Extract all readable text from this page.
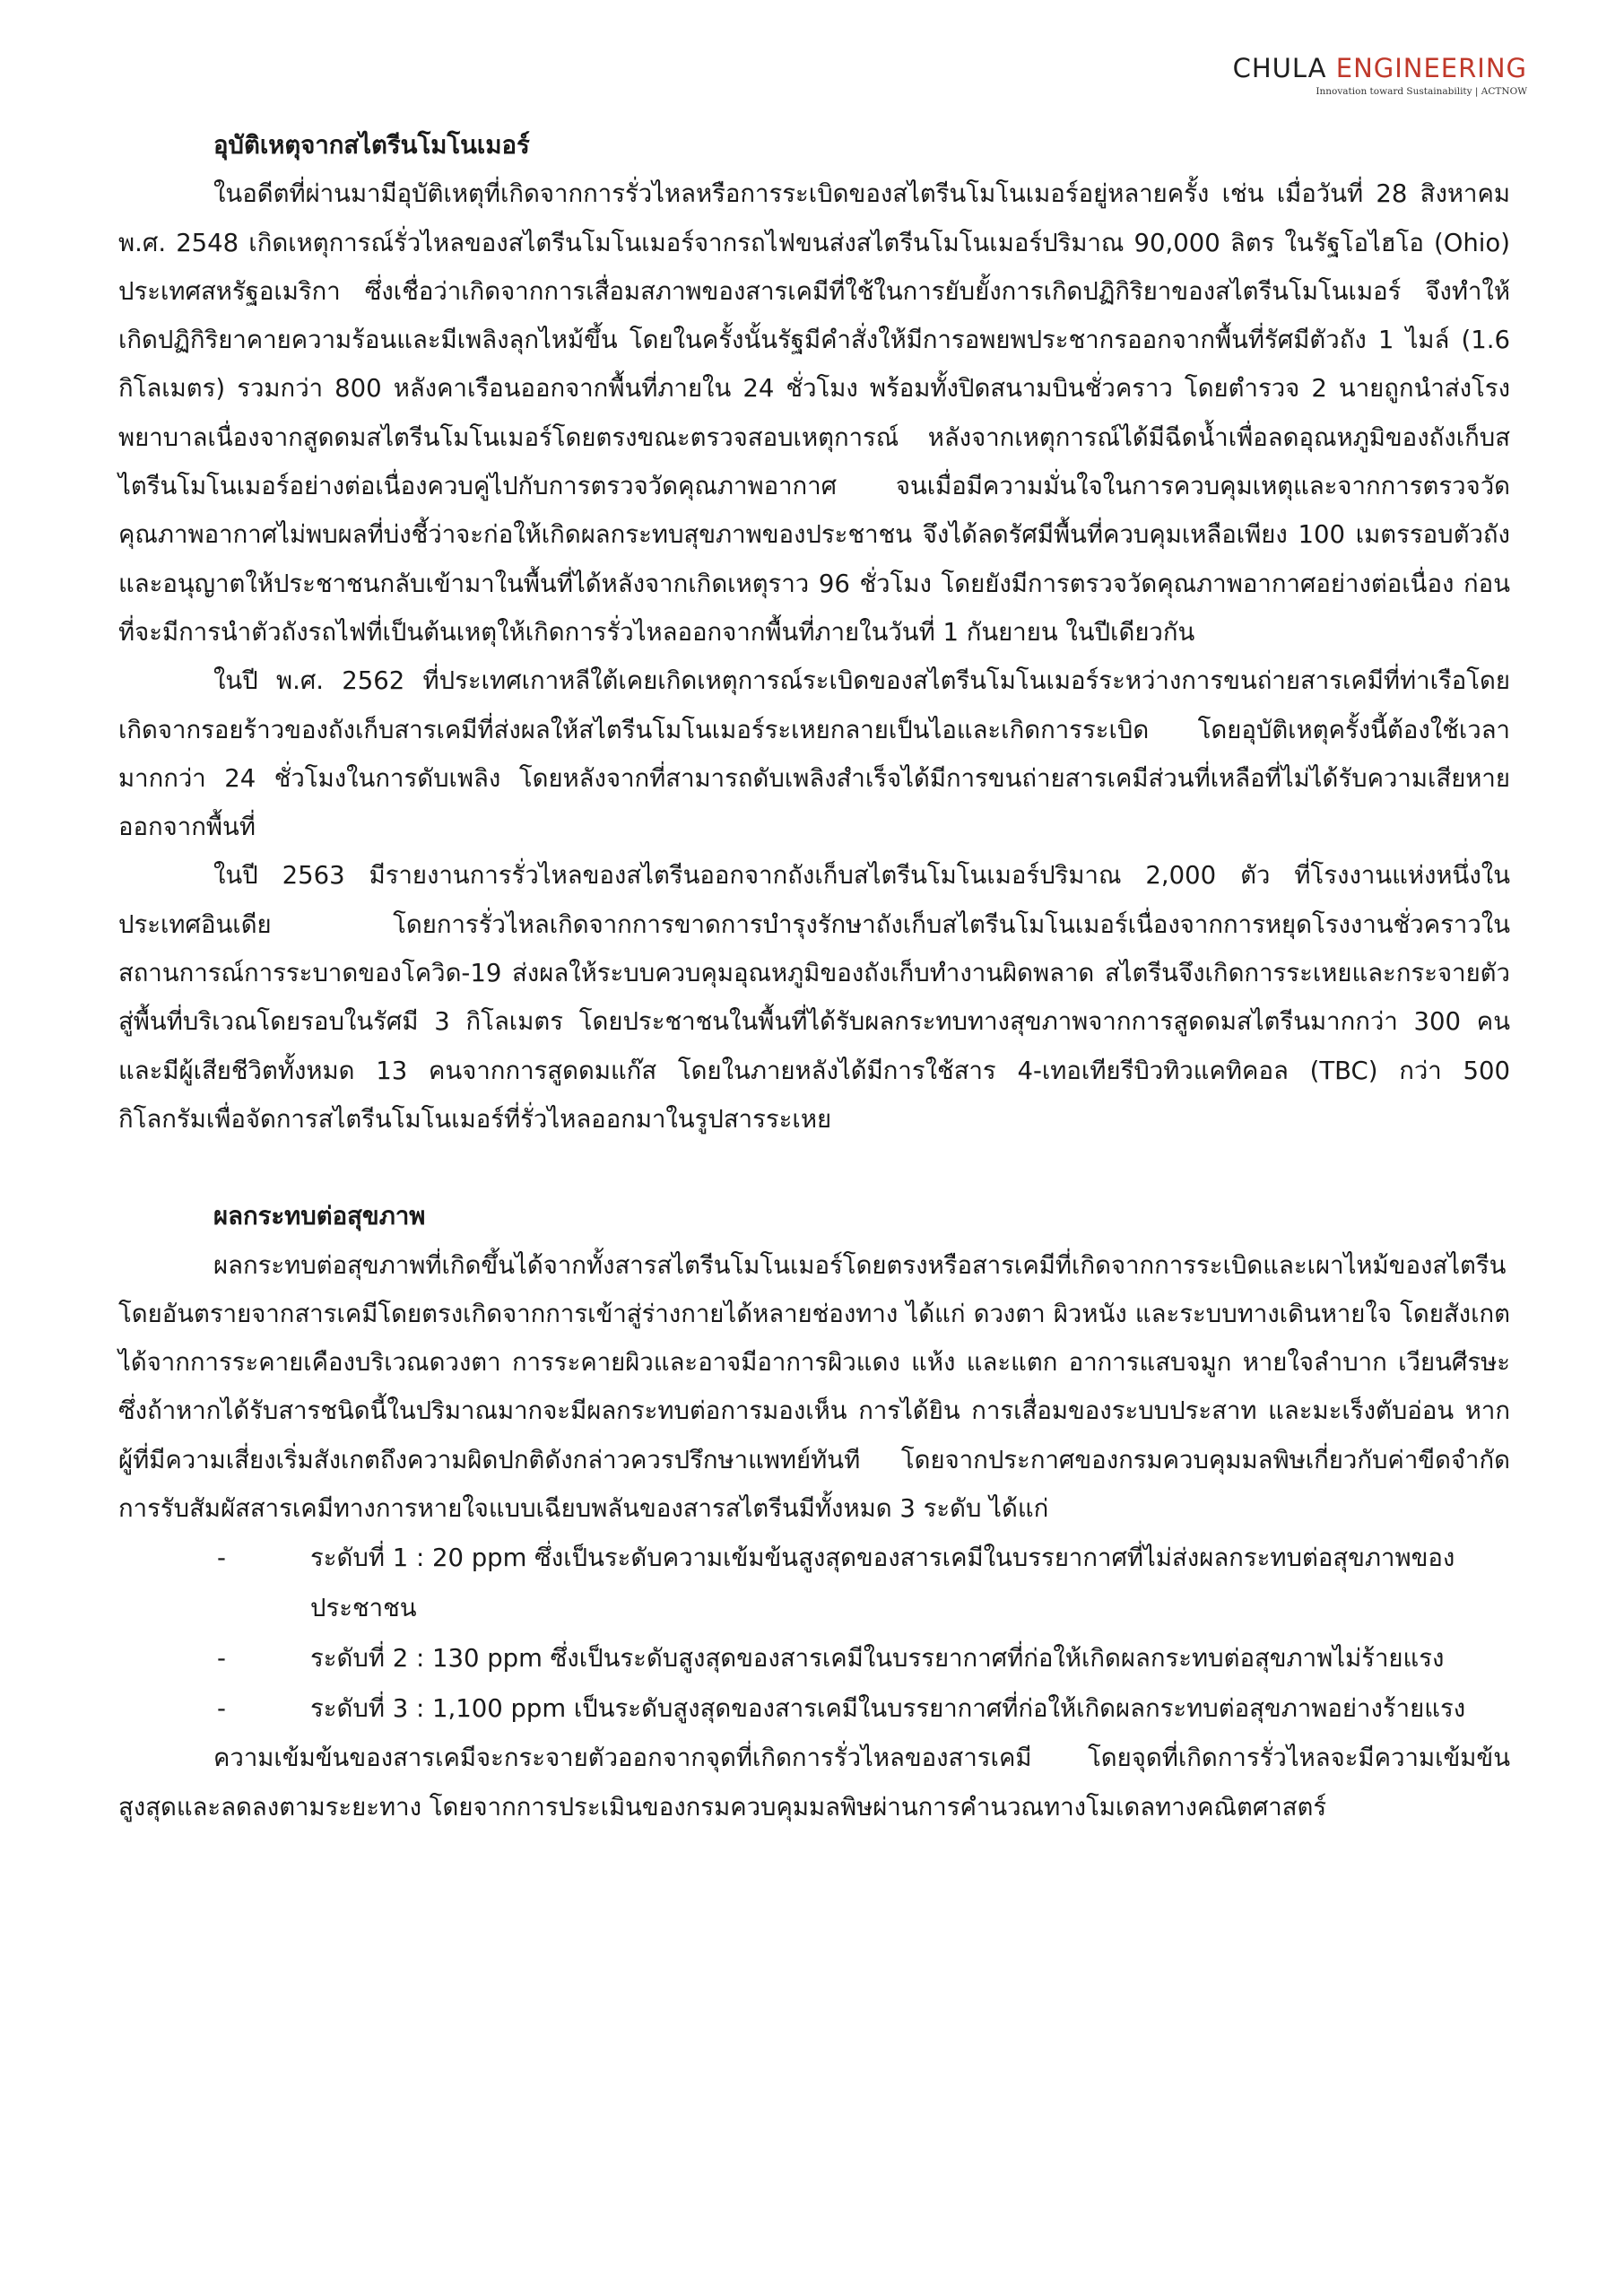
CHULA ENGINEERING
Innovation toward Sustainability | ACTNOW
อุบัติเหตุจากสไตรีนโมโนเมอร์

ในอดีตที่ผ่านมามีอุบัติเหตุที่เกิดจากการรั่วไหลหรือการระเบิดของสไตรีนโมโนเมอร์อยู่หลายครั้ง เช่น เมื่อวันที่ 28 สิงหาคม พ.ศ. 2548 เกิดเหตุการณ์รั่วไหลของสไตรีนโมโนเมอร์จากรถไฟขนส่งสไตรีนโมโนเมอร์ปริมาณ 90,000 ลิตร ในรัฐโอไฮโอ (Ohio) ประเทศสหรัฐอเมริกา ซึ่งเชื่อว่าเกิดจากการเสื่อมสภาพของสารเคมีที่ใช้ในการยับยั้งการเกิดปฏิกิริยาของสไตรีนโมโนเมอร์ จึงทำให้เกิดปฏิกิริยาคายความร้อนและมีเพลิงลุกไหม้ขึ้น โดยในครั้งนั้นรัฐมีคำสั่งให้มีการอพยพประชากรออกจากพื้นที่รัศมีตัวถัง 1 ไมล์ (1.6 กิโลเมตร) รวมกว่า 800 หลังคาเรือนออกจากพื้นที่ภายใน 24 ชั่วโมง พร้อมทั้งปิดสนามบินชั่วคราว โดยตำรวจ 2 นายถูกนำส่งโรงพยาบาลเนื่องจากสูดดมสไตรีนโมโนเมอร์โดยตรงขณะตรวจสอบเหตุการณ์ หลังจากเหตุการณ์ได้มีฉีดน้ำเพื่อลดอุณหภูมิของถังเก็บสไตรีนโมโนเมอร์อย่างต่อเนื่องควบคู่ไปกับการตรวจวัดคุณภาพอากาศ จนเมื่อมีความมั่นใจในการควบคุมเหตุและจากการตรวจวัดคุณภาพอากาศไม่พบผลที่บ่งชี้ว่าจะก่อให้เกิดผลกระทบสุขภาพของประชาชน จึงได้ลดรัศมีพื้นที่ควบคุมเหลือเพียง 100 เมตรรอบตัวถัง และอนุญาตให้ประชาชนกลับเข้ามาในพื้นที่ได้หลังจากเกิดเหตุราว 96 ชั่วโมง โดยยังมีการตรวจวัดคุณภาพอากาศอย่างต่อเนื่อง ก่อนที่จะมีการนำตัวถังรถไฟที่เป็นต้นเหตุให้เกิดการรั่วไหลออกจากพื้นที่ภายในวันที่ 1 กันยายน ในปีเดียวกัน

ในปี พ.ศ. 2562 ที่ประเทศเกาหลีใต้เคยเกิดเหตุการณ์ระเบิดของสไตรีนโมโนเมอร์ระหว่างการขนถ่ายสารเคมีที่ท่าเรือโดยเกิดจากรอยร้าวของถังเก็บสารเคมีที่ส่งผลให้สไตรีนโมโนเมอร์ระเหยกลายเป็นไอและเกิดการระเบิด โดยอุบัติเหตุครั้งนี้ต้องใช้เวลามากกว่า 24 ชั่วโมงในการดับเพลิง โดยหลังจากที่สามารถดับเพลิงสำเร็จได้มีการขนถ่ายสารเคมีส่วนที่เหลือที่ไม่ได้รับความเสียหายออกจากพื้นที่

ในปี 2563 มีรายงานการรั่วไหลของสไตรีนออกจากถังเก็บสไตรีนโมโนเมอร์ปริมาณ 2,000 ตัว ที่โรงงานแห่งหนึ่งในประเทศอินเดีย โดยการรั่วไหลเกิดจากการขาดการบำรุงรักษาถังเก็บสไตรีนโมโนเมอร์เนื่องจากการหยุดโรงงานชั่วคราวในสถานการณ์การระบาดของโควิด-19 ส่งผลให้ระบบควบคุมอุณหภูมิของถังเก็บทำงานผิดพลาด สไตรีนจึงเกิดการระเหยและกระจายตัวสู่พื้นที่บริเวณโดยรอบในรัศมี 3 กิโลเมตร โดยประชาชนในพื้นที่ได้รับผลกระทบทางสุขภาพจากการสูดดมสไตรีนมากกว่า 300 คน และมีผู้เสียชีวิตทั้งหมด 13 คนจากการสูดดมแก๊ส โดยในภายหลังได้มีการใช้สาร 4-เทอเทียรีบิวทิวแคทิคอล (TBC) กว่า 500 กิโลกรัมเพื่อจัดการสไตรีนโมโนเมอร์ที่รั่วไหลออกมาในรูปสารระเหย

ผลกระทบต่อสุขภาพ

ผลกระทบต่อสุขภาพที่เกิดขึ้นได้จากทั้งสารสไตรีนโมโนเมอร์โดยตรงหรือสารเคมีที่เกิดจากการระเบิดและเผาไหม้ของสไตรีน โดยอันตรายจากสารเคมีโดยตรงเกิดจากการเข้าสู่ร่างกายได้หลายช่องทาง ได้แก่ ดวงตา ผิวหนัง และระบบทางเดินหายใจ โดยสังเกตได้จากการระคายเคืองบริเวณดวงตา การระคายผิวและอาจมีอาการผิวแดง แห้ง และแตก อาการแสบจมูก หายใจลำบาก เวียนศีรษะ ซึ่งถ้าหากได้รับสารชนิดนี้ในปริมาณมากจะมีผลกระทบต่อการมองเห็น การได้ยิน การเสื่อมของระบบประสาท และมะเร็งตับอ่อน หากผู้ที่มีความเสี่ยงเริ่มสังเกตถึงความผิดปกติดังกล่าวควรปรึกษาแพทย์ทันที โดยจากประกาศของกรมควบคุมมลพิษเกี่ยวกับค่าขีดจำกัดการรับสัมผัสสารเคมีทางการหายใจแบบเฉียบพลันของสารสไตรีนมีทั้งหมด 3 ระดับ ได้แก่

-	ระดับที่ 1 : 20 ppm ซึ่งเป็นระดับความเข้มข้นสูงสุดของสารเคมีในบรรยากาศที่ไม่ส่งผลกระทบต่อสุขภาพของประชาชน
-	ระดับที่ 2 : 130 ppm ซึ่งเป็นระดับสูงสุดของสารเคมีในบรรยากาศที่ก่อให้เกิดผลกระทบต่อสุขภาพไม่ร้ายแรง
-	ระดับที่ 3 : 1,100 ppm เป็นระดับสูงสุดของสารเคมีในบรรยากาศที่ก่อให้เกิดผลกระทบต่อสุขภาพอย่างร้ายแรง

ความเข้มข้นของสารเคมีจะกระจายตัวออกจากจุดที่เกิดการรั่วไหลของสารเคมี โดยจุดที่เกิดการรั่วไหลจะมีความเข้มข้นสูงสุดและลดลงตามระยะทาง โดยจากการประเมินของกรมควบคุมมลพิษผ่านการคำนวณทางโมเดลทางคณิตศาสตร์
